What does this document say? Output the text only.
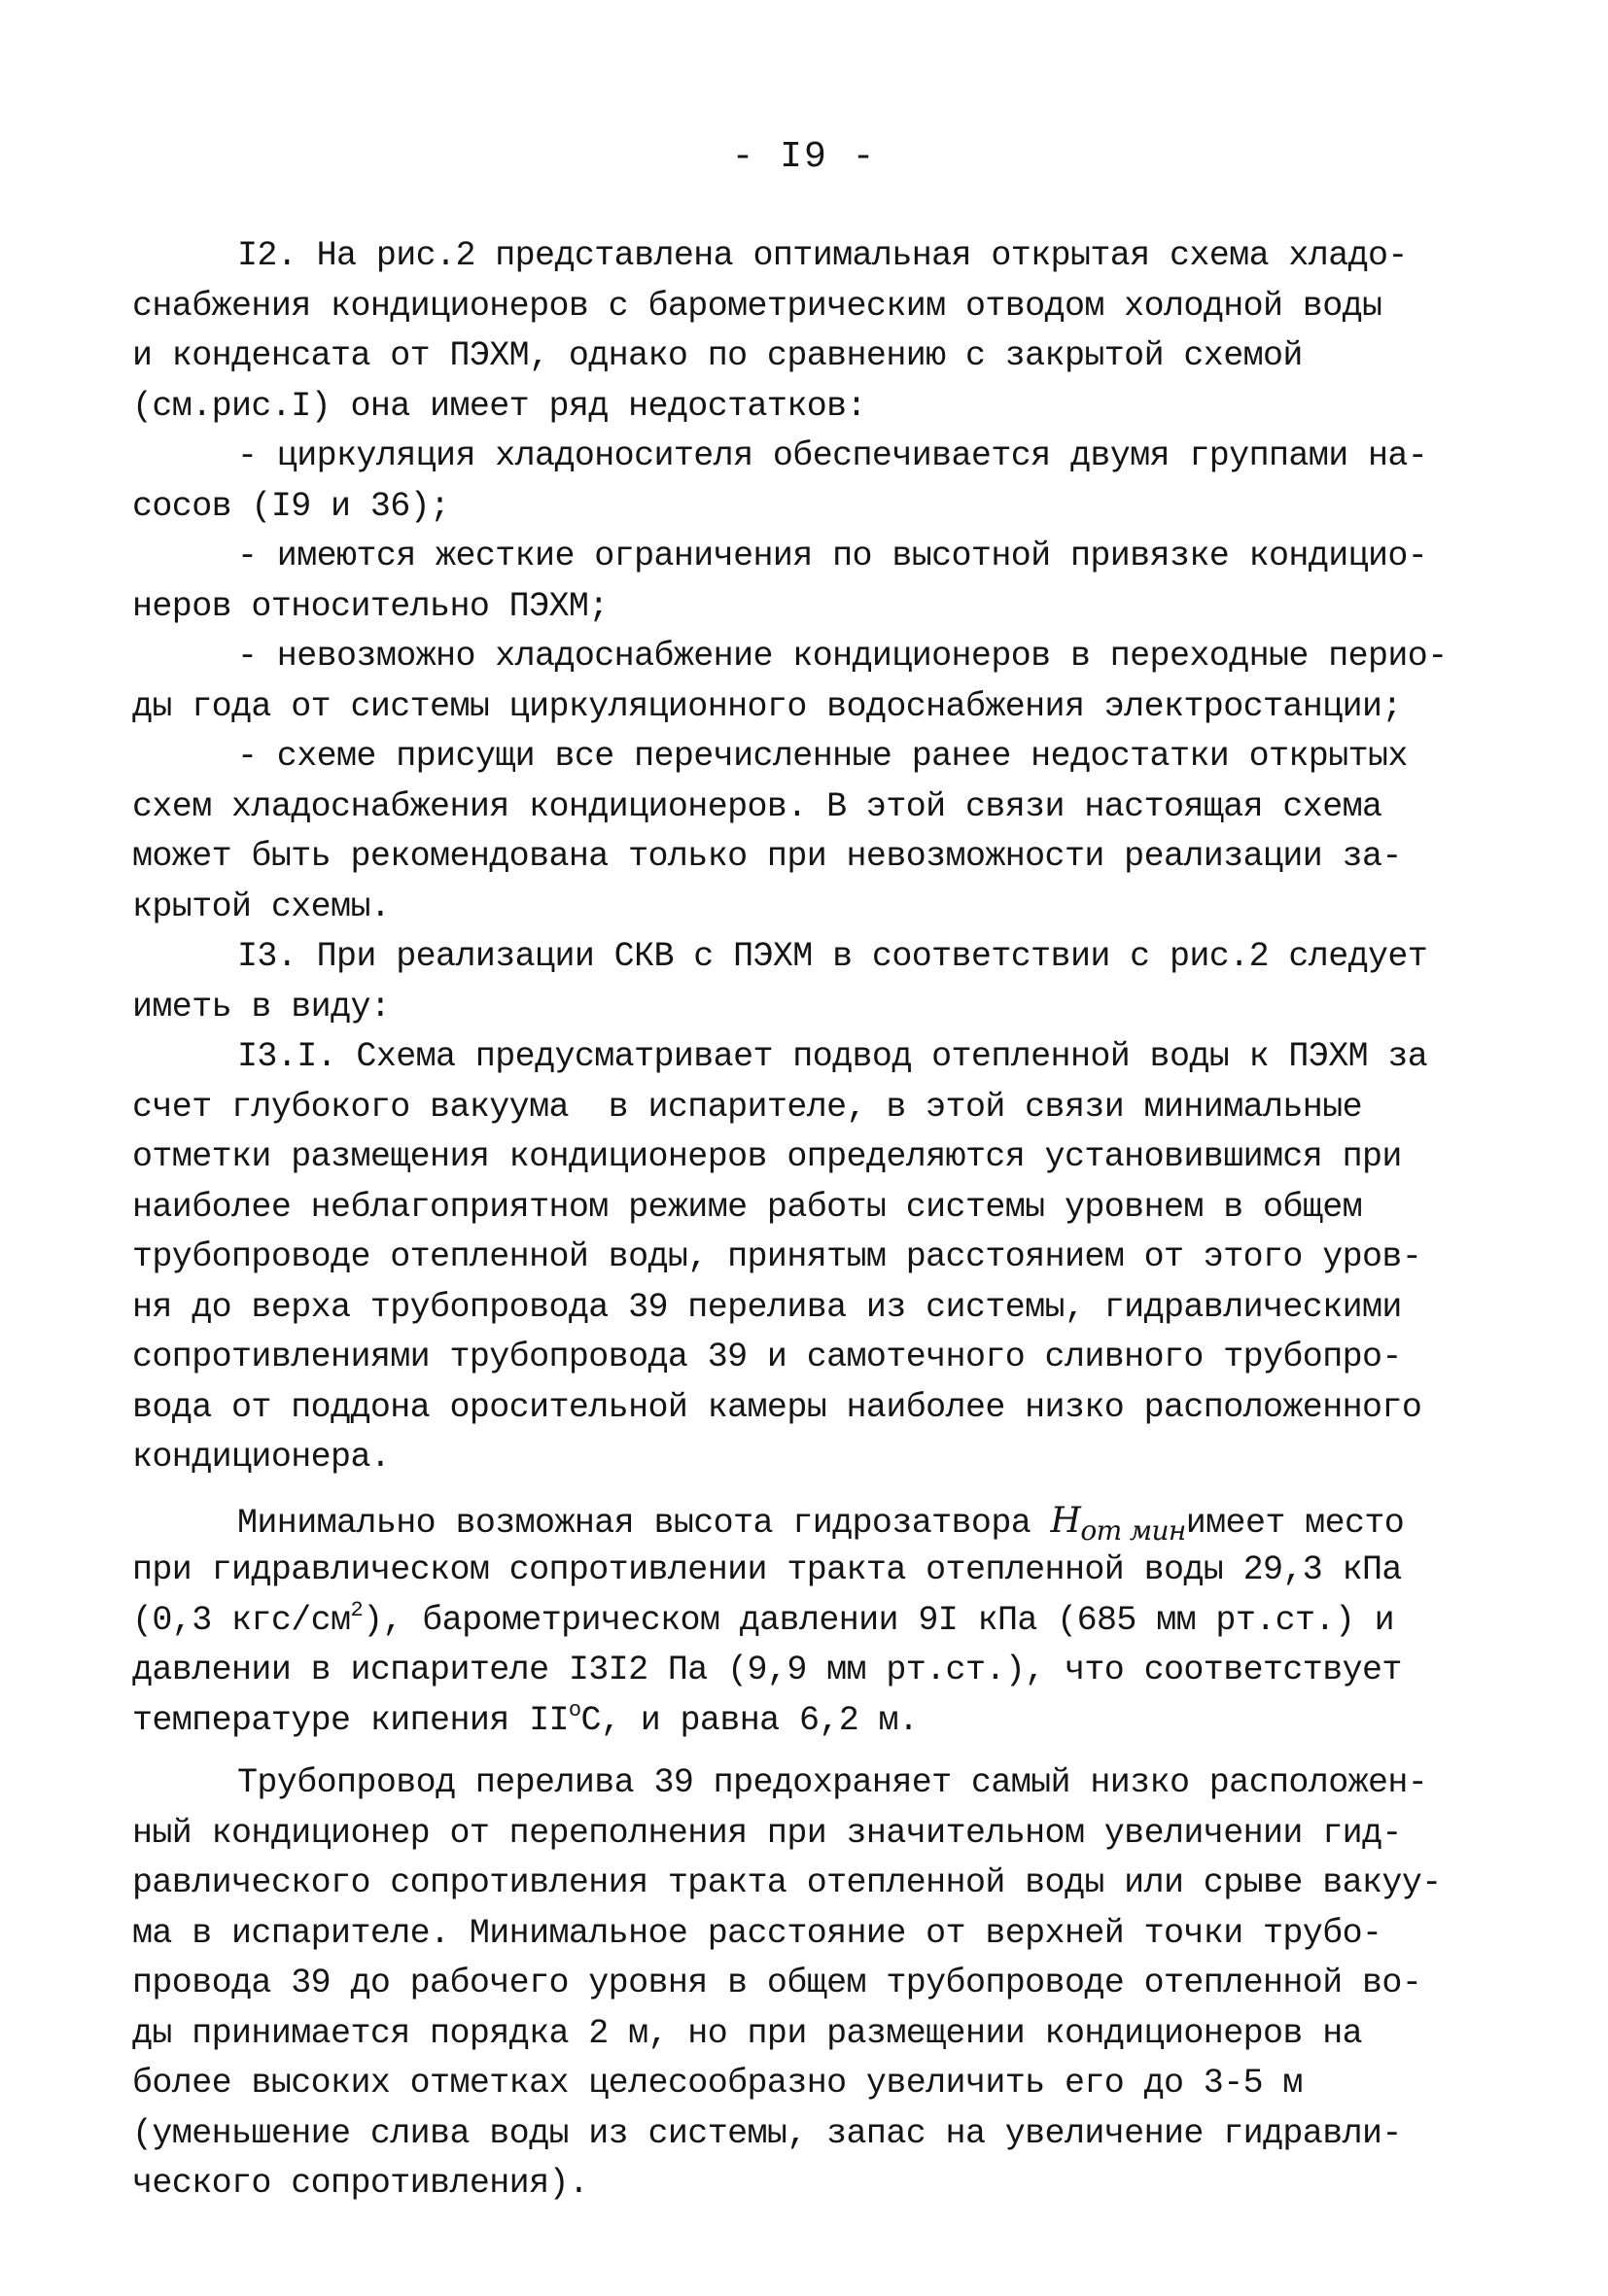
- I9 -
I2. На рис.2 представлена оптимальная открытая схема хладо-
снабжения кондиционеров с барометрическим отводом холодной воды
и конденсата от ПЭХМ, однако по сравнению с закрытой схемой
(см.рис.I) она имеет ряд недостатков:
- циркуляция хладоносителя обеспечивается двумя группами на-
сосов (I9 и 36);
- имеются жесткие ограничения по высотной привязке кондицио-
неров относительно ПЭХМ;
- невозможно хладоснабжение кондиционеров в переходные перио-
ды года от системы циркуляционного водоснабжения электростанции;
- схеме присущи все перечисленные ранее недостатки открытых
схем хладоснабжения кондиционеров. В этой связи настоящая схема
может быть рекомендована только при невозможности реализации за-
крытой схемы.
I3. При реализации СКВ с ПЭХМ в соответствии с рис.2 следует
иметь в виду:
I3.I. Схема предусматривает подвод отепленной воды к ПЭХМ за
счет глубокого вакуума  в испарителе, в этой связи минимальные
отметки размещения кондиционеров определяются установившимся при
наиболее неблагоприятном режиме работы системы уровнем в общем
трубопроводе отепленной воды, принятым расстоянием от этого уров-
ня до верха трубопровода 39 перелива из системы, гидравлическими
сопротивлениями трубопровода 39 и самотечного сливного трубопро-
вода от поддона оросительной камеры наиболее низко расположенного
кондиционера.
Минимально возможная высота гидрозатвора $H_{от мин}имеет$ место
при гидравлическом сопротивлении тракта отепленной воды 29,3 кПа
(0,3 кгс/$см^2$), барометрическом давлении 9I кПа (685 мм рт.ст.) и
давлении в испарителе I3I2 Па (9,9 мм рт.ст.), что соответствует
температуре кипения $II^оС$, и равна 6,2 м.
Трубопровод перелива 39 предохраняет самый низко расположен-
ный кондиционер от переполнения при значительном увеличении гид-
равлического сопротивления тракта отепленной воды или срыве вакуу-
ма в испарителе. Минимальное расстояние от верхней точки трубо-
провода 39 до рабочего уровня в общем трубопроводе отепленной во-
ды принимается порядка 2 м, но при размещении кондиционеров на
более высоких отметках целесообразно увеличить его до 3-5 м
(уменьшение слива воды из системы, запас на увеличение гидравли-
ческого сопротивления).
